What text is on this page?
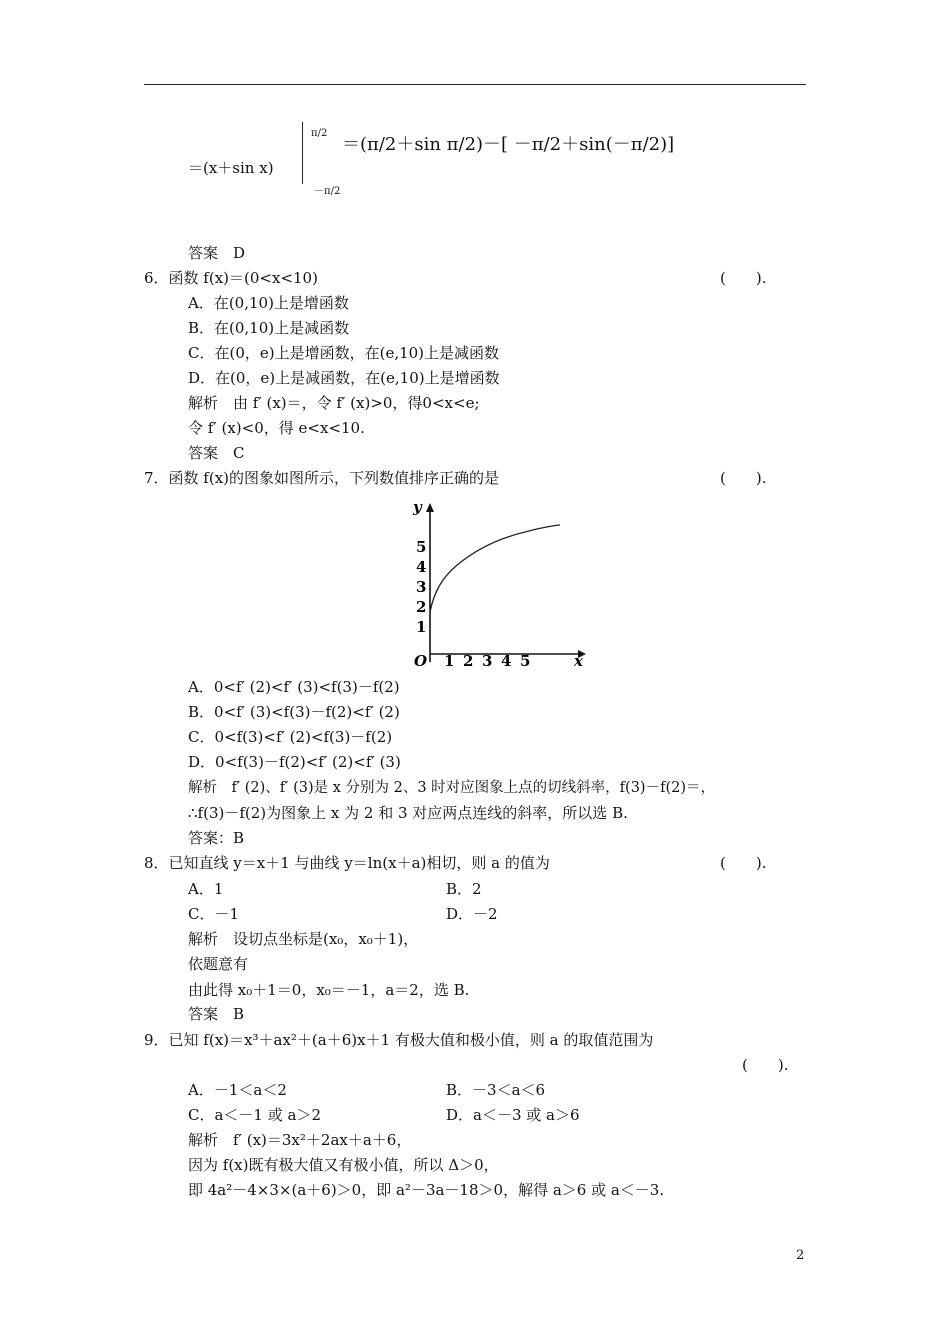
＝(x＋sin x)
π/2
－π/2
＝(π/2＋sin π/2)－[ －π/2＋sin(－π/2)]
答案　D
6．函数 f(x)＝(0<x<10)	(　　).
A．在(0,10)上是增函数
B．在(0,10)上是减函数
C．在(0，e)上是增函数，在(e,10)上是减函数
D．在(0，e)上是减函数，在(e,10)上是增函数
解析　由 f′ (x)＝，令 f′ (x)>0，得0<x<e;
令 f′ (x)<0，得 e<x<10.
答案　C
7．函数 f(x)的图象如图所示，下列数值排序正确的是	(　　).
y
x
O 1 2 3 4 5
1
2
3
4
5
A．0<f′ (2)<f′ (3)<f(3)－f(2)
B．0<f′ (3)<f(3)－f(2)<f′ (2)
C．0<f(3)<f′ (2)<f(3)－f(2)
D．0<f(3)－f(2)<f′ (2)<f′ (3)
解析　f′ (2)、f′ (3)是 x 分别为 2、3 时对应图象上点的切线斜率，f(3)－f(2)＝，
∴f(3)－f(2)为图象上 x 为 2 和 3 对应两点连线的斜率，所以选 B.
答案：B
8．已知直线 y＝x＋1 与曲线 y＝ln(x＋a)相切，则 a 的值为	(　　).
A．1	B．2
C．－1	D．－2
解析　设切点坐标是(x₀，x₀＋1)，
依题意有
由此得 x₀＋1＝0，x₀＝－1，a＝2，选 B.
答案　B
9．已知 f(x)＝x³＋ax²＋(a＋6)x＋1 有极大值和极小值，则 a 的取值范围为
(　　).
A．－1＜a＜2	B．－3＜a＜6
C．a＜－1 或 a＞2	D．a＜－3 或 a＞6
解析　f′ (x)＝3x²＋2ax＋a＋6，
因为 f(x)既有极大值又有极小值，所以 Δ＞0，
即 4a²－4×3×(a＋6)＞0，即 a²－3a－18＞0，解得 a＞6 或 a＜－3.
2
